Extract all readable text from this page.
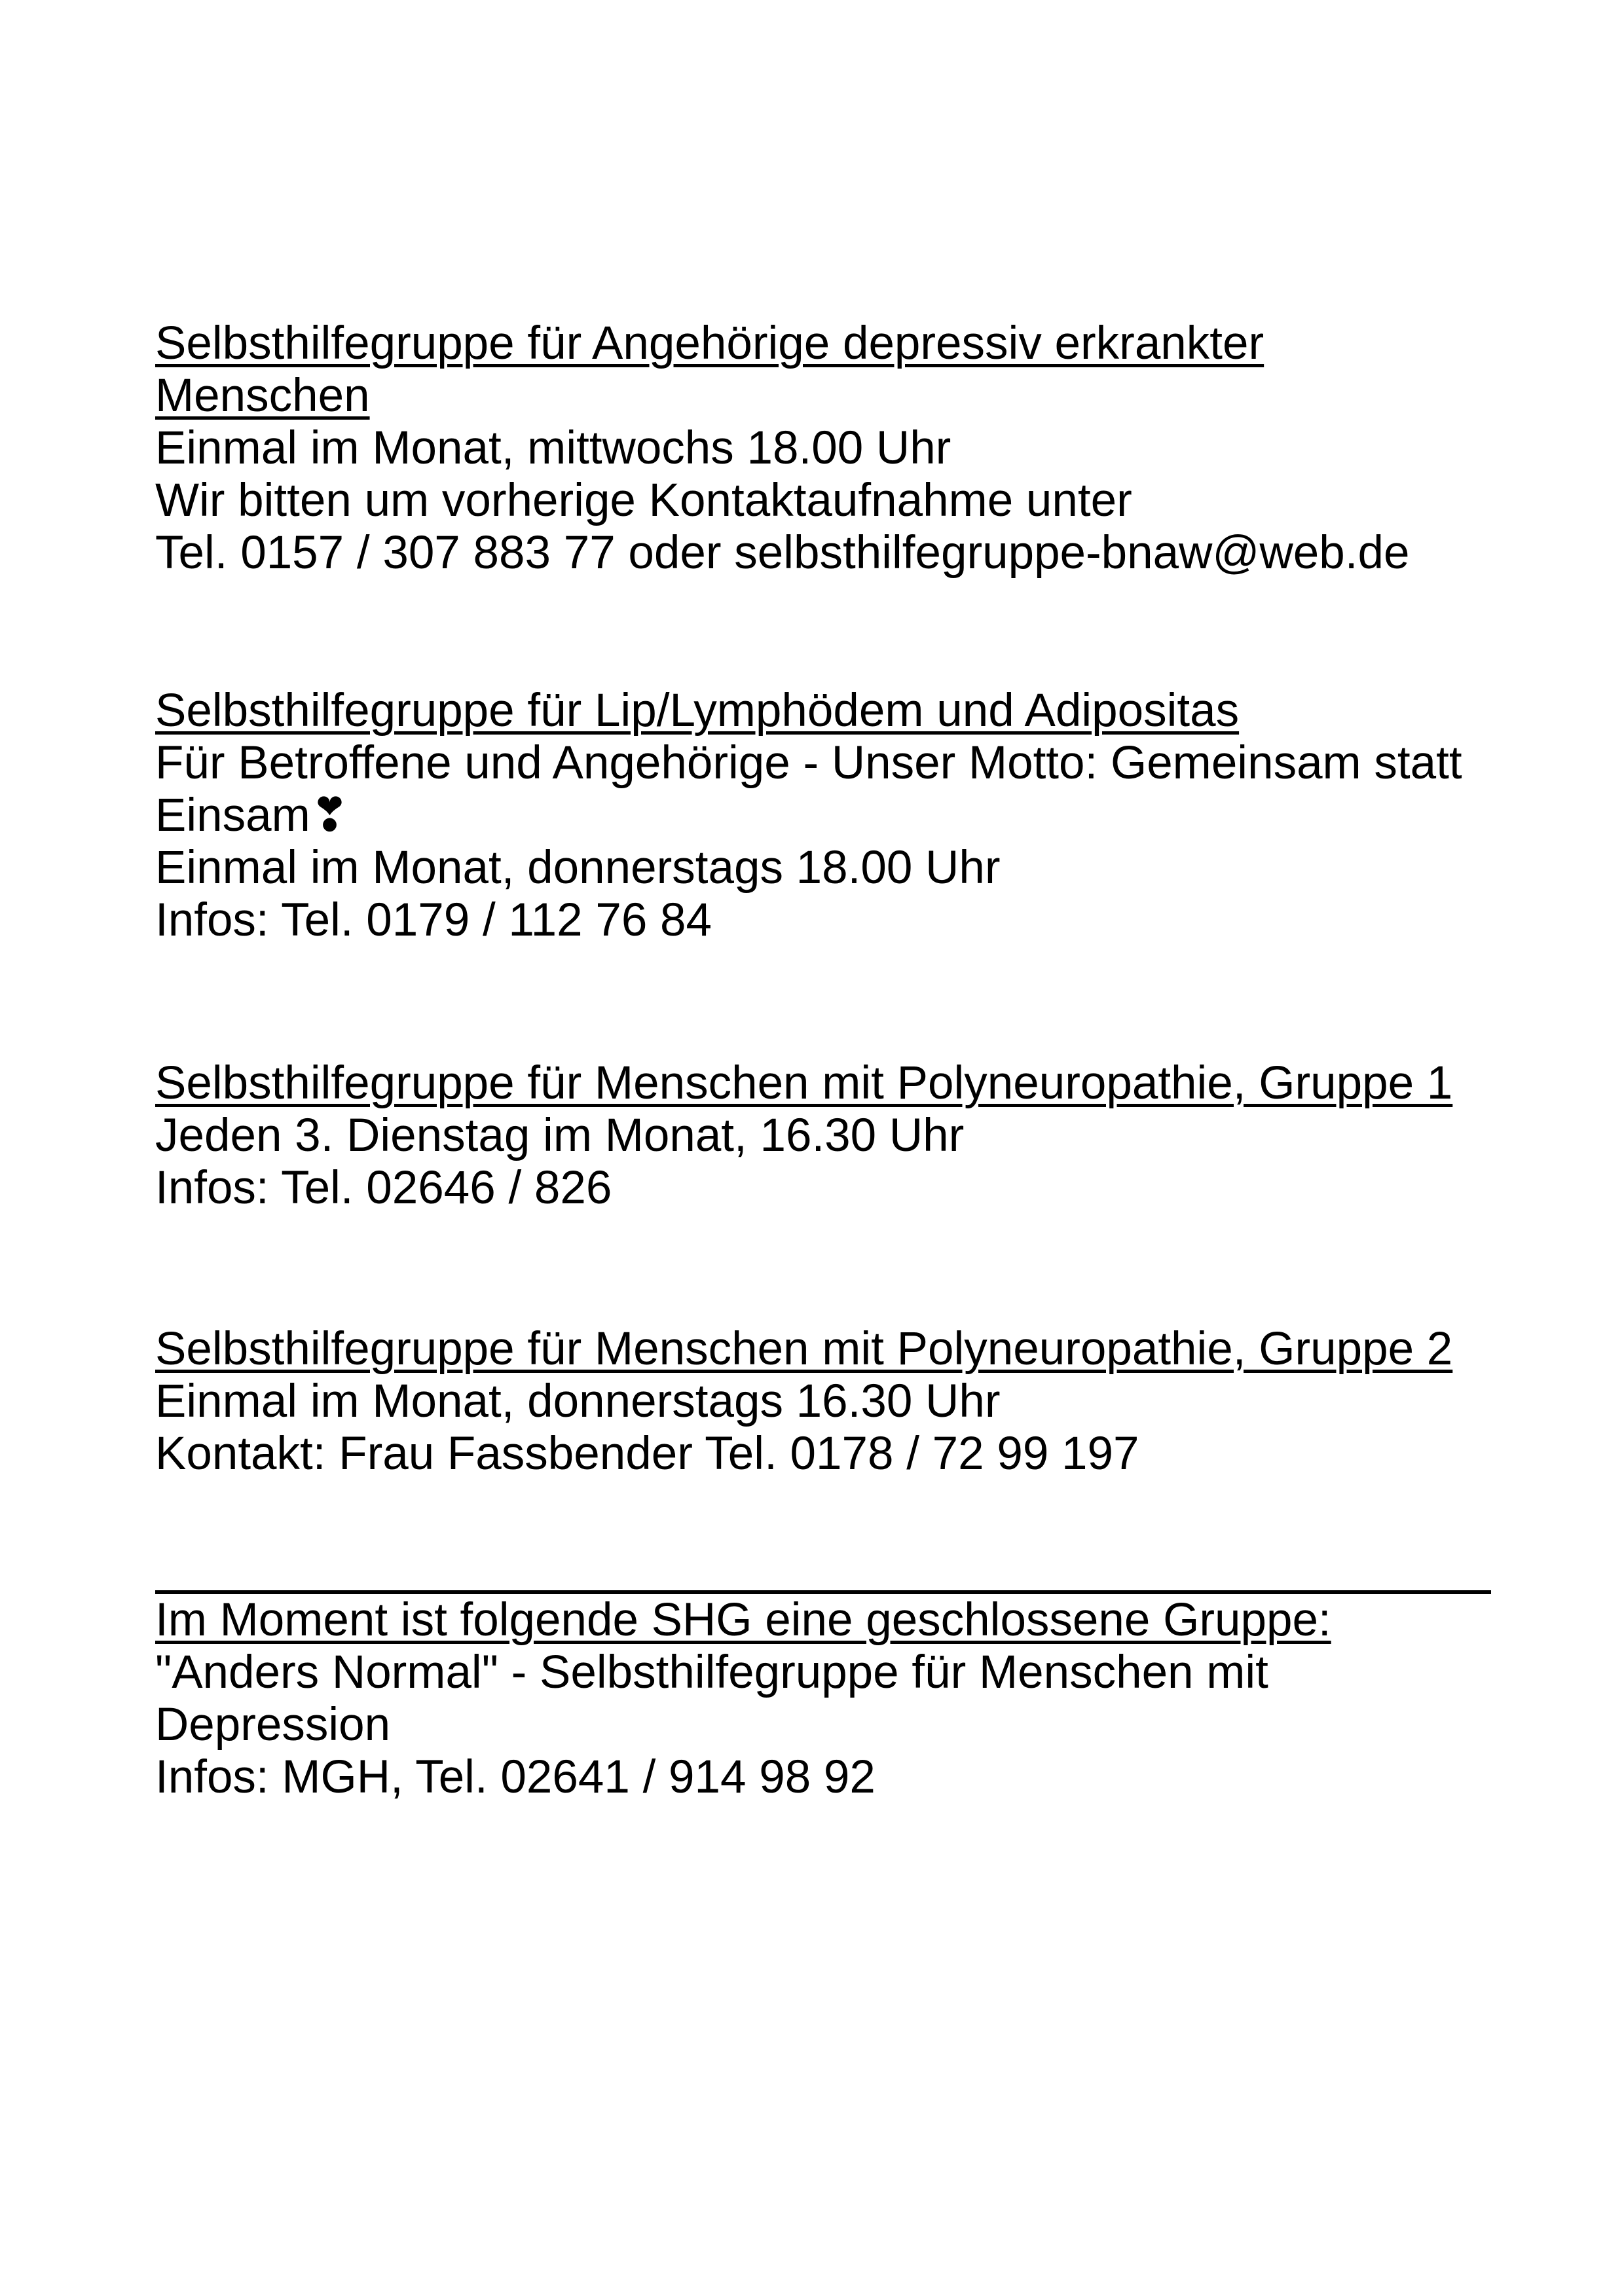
Selbsthilfegruppe für Angehörige depressiv erkrankter Menschen

Einmal im Monat, mittwochs 18.00 Uhr

Wir bitten um vorherige Kontaktaufnahme unter

Tel. 0157 / 307 883 77 oder selbsthilfegruppe-bnaw@web.de

Selbsthilfegruppe für Lip/Lymphödem und Adipositas

Für Betroffene und Angehörige - Unser Motto: Gemeinsam statt Einsam❣

Einmal im Monat, donnerstags 18.00 Uhr

Infos: Tel. 0179 / 112 76 84

Selbsthilfegruppe für Menschen mit Polyneuropathie, Gruppe 1

Jeden 3. Dienstag im Monat, 16.30 Uhr

Infos: Tel. 02646 / 826

Selbsthilfegruppe für Menschen mit Polyneuropathie, Gruppe 2

Einmal im Monat, donnerstags 16.30 Uhr

Kontakt: Frau Fassbender Tel. 0178 / 72 99 197

Im Moment ist folgende SHG eine geschlossene Gruppe:

"Anders Normal" - Selbsthilfegruppe für Menschen mit Depression

Infos: MGH, Tel. 02641 / 914 98 92
